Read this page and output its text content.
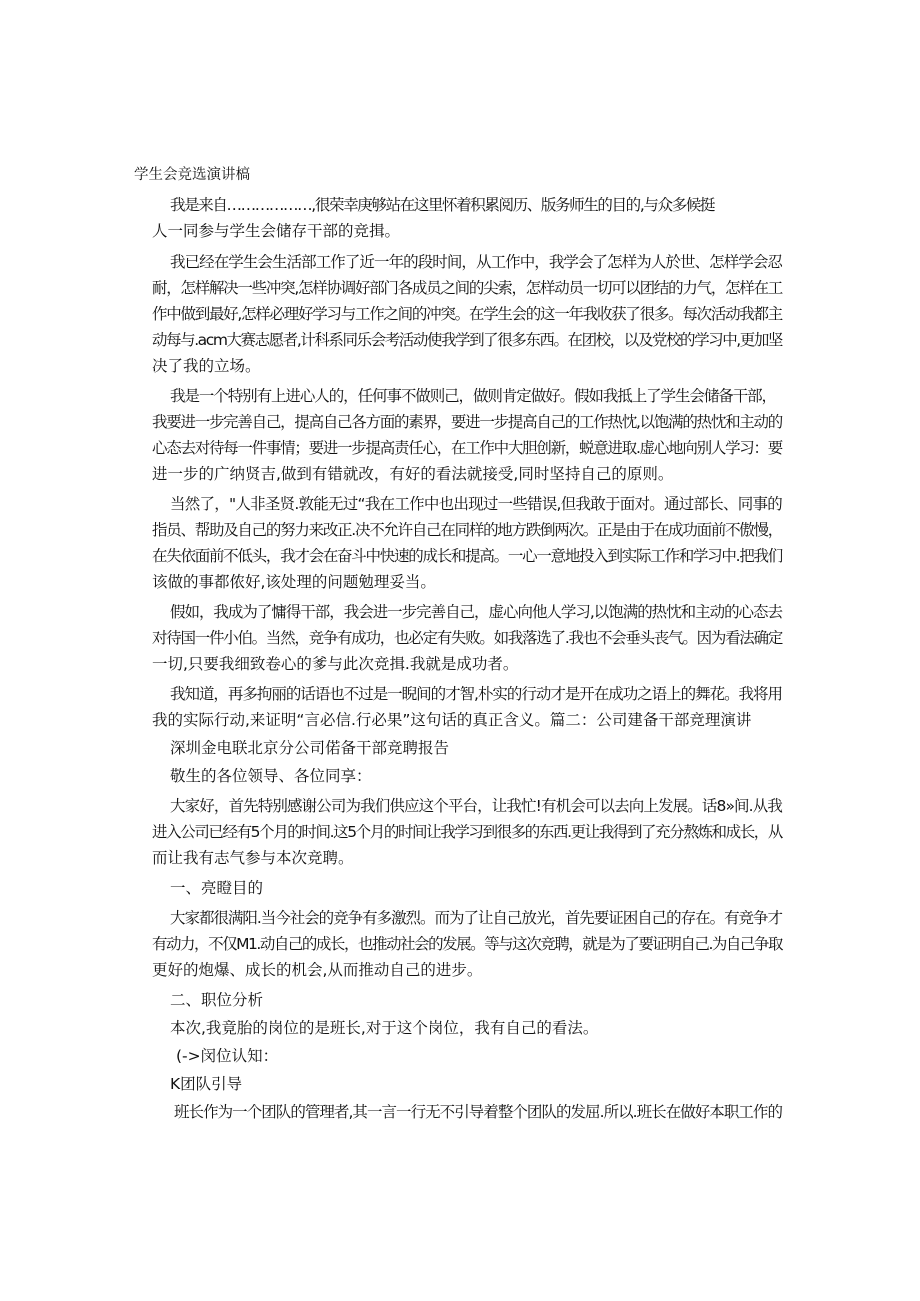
学生会竞选演讲槁

我是来自………………,很荣幸庚够站在这里怀着积累阅历、版务师生的目的,与众多候挺

人一同参与学生会储存干部的竞揖。

我已经在学生会生活部工作了近一年的段时间，从工作中，我学会了怎样为人於世、怎样学会忍

耐，怎样解决一些冲突,怎样协调好部门各成员之间的尖索，怎样动员一切可以团结的力气，怎样在工

作中做到最好,怎样必理好学习与工作之间的冲突。在学生会的这一年我收获了很多。每次活动我都主

动每与.acm大赛志愿者,计科系同乐会考活动使我学到了很多东西。在团校，以及党校的学习中,更加坚

决了我的立场。

我是一个特别有上进心人的，任何事不做则己，做则肯定做好。假如我抵上了学生会储备干部，

我要进一步完善自己，提高自己各方面的素界，要进一步提高自己的工作热忱,以饱满的热忱和主动的

心态去对待每一件事情；要进一步提高责任心，在工作中大胆创新，蜕意进取.虚心地向别人学习：要

进一步的广纳贤吉,做到有错就改，有好的看法就接受,同时坚持自己的原则。

当然了，"人非圣贤.敦能无过“我在工作中也出现过一些错误,但我敢于面对。通过部长、同事的

指员、帮助及自己的努力来改正.决不允许自己在同样的地方跌倒两次。正是由于在成功面前不傲慢，

在失依面前不低头，我才会在奋斗中快速的成长和提高。一心一意地投入到实际工作和学习中.把我们

该做的事都侬好,该处理的问题勉理妥当。

假如，我成为了慵得干部，我会进一步完善自己，虚心向他人学习,以饱满的热忱和主动的心态去

对待国一件小伯。当然，竞争有成功，也必定有失败。如我落选了.我也不会垂头丧气。因为看法确定

一切,只要我细致卷心的爹与此次竞揖.我就是成功者。

我知道，再多拘丽的话语也不过是一睨间的才智,朴实的行动才是开在成功之语上的舞花。我将用

我的实际行动,来证明“言必信.行必果”这句话的真正含义。篇二：公司建备干部竞理演讲

深圳金电联北京分公司偌备干部竞聘报告

敬生的各位领导、各位同享：

大家好，首先特别感谢公司为我们供应这个平台，让我忙!有机会可以去向上发展。话8»间.从我

进入公司已经有5个月的时间.这5个月的时间让我学习到很多的东西.更让我得到了充分熬炼和成长，从

而让我有志气参与本次竞聘。

一、亮瞪目的

大家都很满阳.当今社会的竞争有多激烈。而为了让自己放光，首先要证困自己的存在。有竞争才

有动力，不仅M1.动自己的成长，也推动社会的发展。等与这次竞聘，就是为了要证明自己.为自己争取

更好的炮爆、成长的机会,从而推动自己的进步。

二、职位分析

本次,我竟胎的岗位的是班长,对于这个岗位，我有自己的看法。

(->闵位认知：

K团队引导

班长作为一个团队的管理者,其一言一行无不引导着整个团队的发屈.所以.班长在做好本职工作的
